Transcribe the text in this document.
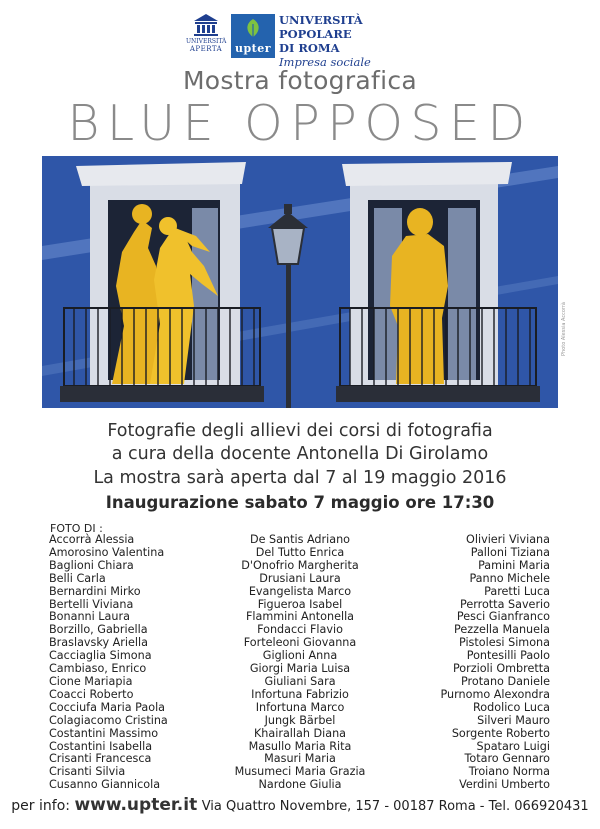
UNIVERSITÀ
APERTA	upter
UNIVERSITÀ POPOLARE
DI ROMA
Impresa sociale
Mostra fotografica
BLUE OPPOSED
Photo Alessia Accorrà
Fotografie degli allievi dei corsi di fotografia
a cura della docente Antonella Di Girolamo
La mostra sarà aperta dal 7 al 19 maggio 2016
Inaugurazione sabato 7 maggio ore 17:30
FOTO DI :
Accorrà Alessia
Amorosino Valentina
Baglioni Chiara
Belli Carla
Bernardini Mirko
Bertelli Viviana
Bonanni Laura
Borzillo, Gabriella
Braslavsky Ariella
Cacciaglia Simona
Cambiaso, Enrico
Cione Mariapia
Coacci Roberto
Cocciufa Maria Paola
Colagiacomo Cristina
Costantini Massimo
Costantini Isabella
Crisanti Francesca
Crisanti Silvia
Cusanno Giannicola
De Santis Adriano
Del Tutto Enrica
D'Onofrio Margherita
Drusiani Laura
Evangelista Marco
Figueroa Isabel
Flammini Antonella
Fondacci Flavio
Forteleoni Giovanna
Giglioni Anna
Giorgi Maria Luisa
Giuliani Sara
Infortuna Fabrizio
Infortuna Marco
Jungk Bärbel
Khairallah Diana
Masullo Maria Rita
Masuri Maria
Musumeci Maria Grazia
Nardone Giulia
Olivieri Viviana
Palloni Tiziana
Pamini Maria
Panno Michele
Paretti Luca
Perrotta Saverio
Pesci Gianfranco
Pezzella Manuela
Pistolesi Simona
Pontesilli Paolo
Porzioli Ombretta
Protano Daniele
Purnomo Alexondra
Rodolico Luca
Silveri Mauro
Sorgente Roberto
Spataro Luigi
Totaro Gennaro
Troiano Norma
Verdini Umberto
per info: www.upter.it Via Quattro Novembre, 157 - 00187 Roma - Tel. 066920431
